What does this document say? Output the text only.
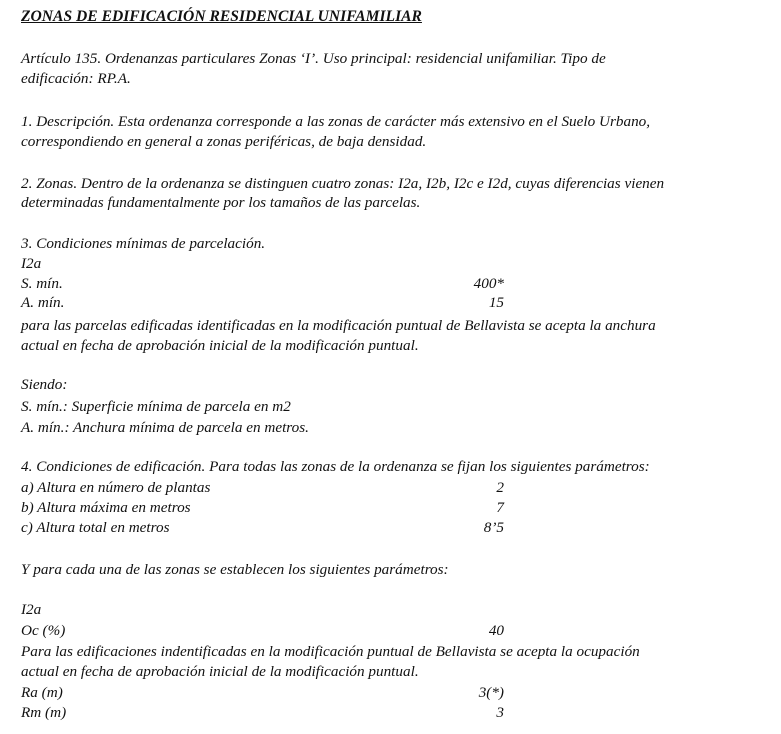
ZONAS DE EDIFICACIÓN RESIDENCIAL UNIFAMILIAR
Artículo 135. Ordenanzas particulares Zonas ‘I’. Uso principal: residencial unifamiliar. Tipo de
edificación: RP.A.
1. Descripción. Esta ordenanza corresponde a las zonas de carácter más extensivo en el Suelo Urbano,
correspondiendo en general a zonas periféricas, de baja densidad.
2. Zonas. Dentro de la ordenanza se distinguen cuatro zonas: I2a, I2b, I2c e I2d, cuyas diferencias vienen
determinadas fundamentalmente por los tamaños de las parcelas.
3. Condiciones mínimas de parcelación.
I2a
S. mín.	400*
A. mín.	15
para las parcelas edificadas identificadas en la modificación puntual de Bellavista se acepta la anchura
actual en fecha de aprobación inicial de la modificación puntual.
Siendo:
S. mín.: Superficie mínima de parcela en m2
A. mín.: Anchura mínima de parcela en metros.
4. Condiciones de edificación. Para todas las zonas de la ordenanza se fijan los siguientes parámetros:
a) Altura en número de plantas	2
b) Altura máxima en metros	7
c) Altura total en metros	8’5
Y para cada una de las zonas se establecen los siguientes parámetros:
I2a
Oc (%)	40
Para las edificaciones indentificadas en la modificación puntual de Bellavista se acepta la ocupación
actual en fecha de aprobación inicial de la modificación puntual.
Ra (m)	3(*)
Rm (m)	3
